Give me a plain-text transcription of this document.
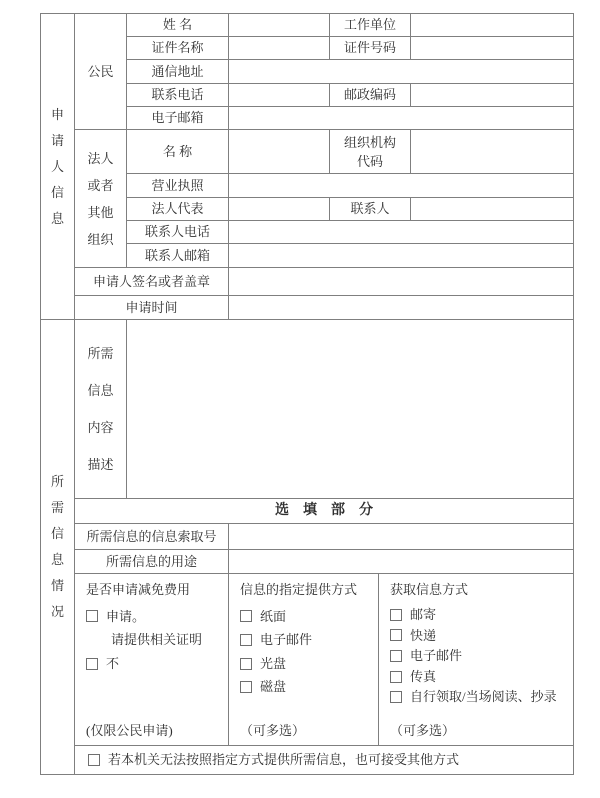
申请人信息	公民	姓 名		工作单位		
		证件名称		证件号码		
		通信地址				
		联系电话		邮政编码		
		电子邮箱				

	法人或者其他组织	名 称		组织机构代码		

		营业执照				
		法人代表		联系人		
		联系人电话				
		联系人邮箱				
	申请人签名或者盖章					
	申请时间					

所需信息情况	所需信息内容描述					

	选填部分					
	所需信息的信息索取号					
	所需信息的用途					

是否申请减免费用
申请。
请提供相关证明
不
(仅限公民申请)

信息的指定提供方式
纸面
电子邮件
光盘
磁盘
（可多选）

获取信息方式
邮寄
快递
电子邮件
传真
自行领取/当场阅读、抄录
（可多选）

	若本机关无法按照指定方式提供所需信息，也可接受其他方式					
